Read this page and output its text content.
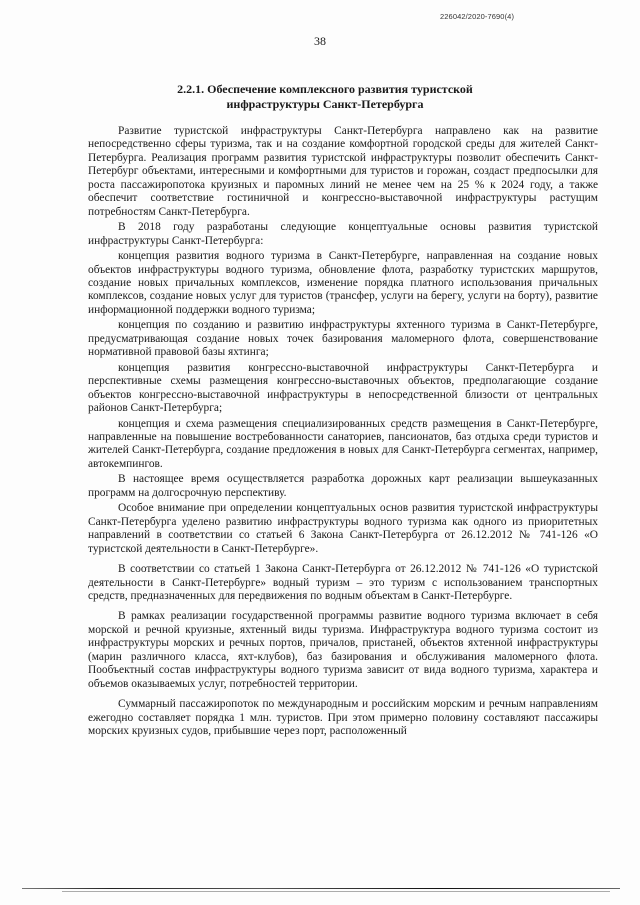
226042/2020-7690(4)
38
2.2.1. Обеспечение комплексного развития туристской инфраструктуры Санкт-Петербурга

Развитие туристской инфраструктуры Санкт-Петербурга направлено как на развитие непосредственно сферы туризма, так и на создание комфортной городской среды для жителей Санкт-Петербурга. Реализация программ развития туристской инфраструктуры позволит обеспечить Санкт-Петербург объектами, интересными и комфортными для туристов и горожан, создаст предпосылки для роста пассажиропотока круизных и паромных линий не менее чем на 25 % к 2024 году, а также обеспечит соответствие гостиничной и конгрессно-выставочной инфраструктуры растущим потребностям Санкт-Петербурга.

В 2018 году разработаны следующие концептуальные основы развития туристской инфраструктуры Санкт-Петербурга:

концепция развития водного туризма в Санкт-Петербурге, направленная на создание новых объектов инфраструктуры водного туризма, обновление флота, разработку туристских маршрутов, создание новых причальных комплексов, изменение порядка платного использования причальных комплексов, создание новых услуг для туристов (трансфер, услуги на берегу, услуги на борту), развитие информационной поддержки водного туризма;

концепция по созданию и развитию инфраструктуры яхтенного туризма в Санкт-Петербурге, предусматривающая создание новых точек базирования маломерного флота, совершенствование нормативной правовой базы яхтинга;

концепция развития конгрессно-выставочной инфраструктуры Санкт-Петербурга и перспективные схемы размещения конгрессно-выставочных объектов, предполагающие создание объектов конгрессно-выставочной инфраструктуры в непосредственной близости от центральных районов Санкт-Петербурга;

концепция и схема размещения специализированных средств размещения в Санкт-Петербурге, направленные на повышение востребованности санаториев, пансионатов, баз отдыха среди туристов и жителей Санкт-Петербурга, создание предложения в новых для Санкт-Петербурга сегментах, например, автокемпингов.

В настоящее время осуществляется разработка дорожных карт реализации вышеуказанных программ на долгосрочную перспективу.

Особое внимание при определении концептуальных основ развития туристской инфраструктуры Санкт-Петербурга уделено развитию инфраструктуры водного туризма как одного из приоритетных направлений в соответствии со статьей 6 Закона Санкт-Петербурга от 26.12.2012 № 741-126 «О туристской деятельности в Санкт-Петербурге».

В соответствии со статьей 1 Закона Санкт-Петербурга от 26.12.2012 № 741-126 «О туристской деятельности в Санкт-Петербурге» водный туризм – это туризм с использованием транспортных средств, предназначенных для передвижения по водным объектам в Санкт-Петербурге.

В рамках реализации государственной программы развитие водного туризма включает в себя морской и речной круизные, яхтенный виды туризма. Инфраструктура водного туризма состоит из инфраструктуры морских и речных портов, причалов, пристаней, объектов яхтенной инфраструктуры (марин различного класса, яхт-клубов), баз базирования и обслуживания маломерного флота. Пообъектный состав инфраструктуры водного туризма зависит от вида водного туризма, характера и объемов оказываемых услуг, потребностей территории.

Суммарный пассажиропоток по международным и российским морским и речным направлениям ежегодно составляет порядка 1 млн. туристов. При этом примерно половину составляют пассажиры морских круизных судов, прибывшие через порт, расположенный
